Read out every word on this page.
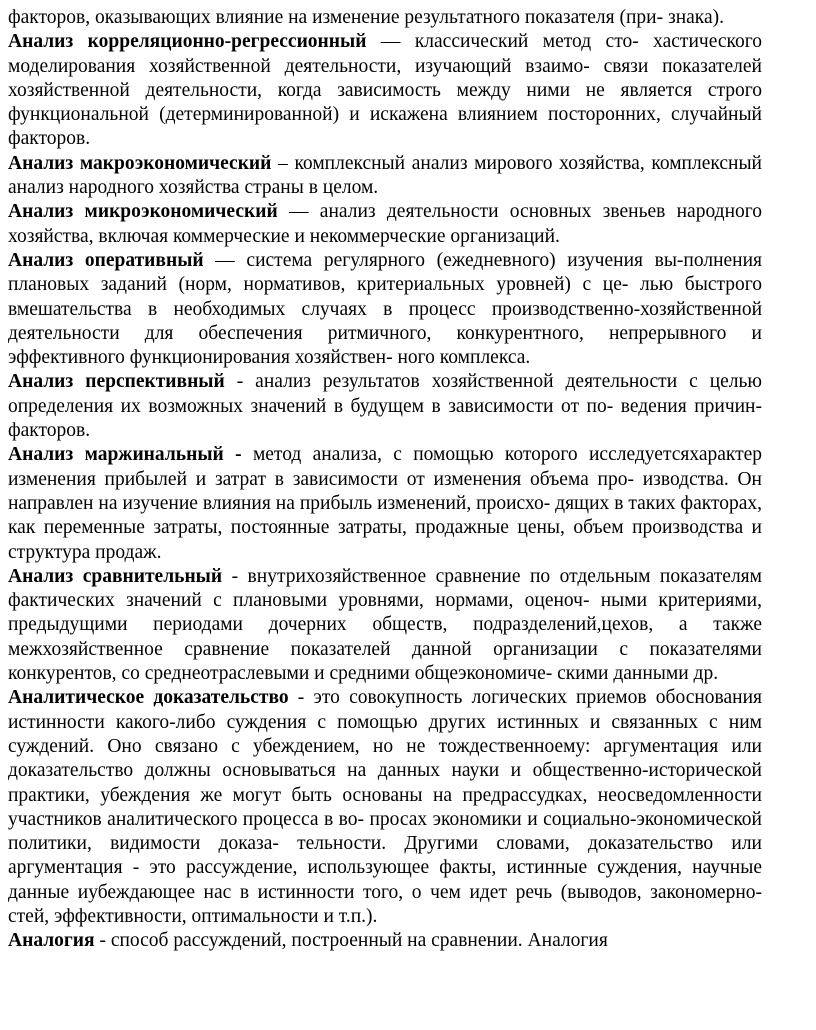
факторов, оказывающих влияние на изменение результатного показателя (при- знака).

Анализ корреляционно-регрессионный — классический метод сто- хастического моделирования хозяйственной деятельности, изучающий взаимо- связи показателей хозяйственной деятельности, когда зависимость между ними не является строго функциональной (детерминированной) и искажена влиянием посторонних, случайный факторов.

Анализ макроэкономический – комплексный анализ мирового хозяйства, комплексный анализ народного хозяйства страны в целом.

Анализ микроэкономический — анализ деятельности основных звеньев народного хозяйства, включая коммерческие и некоммерческие организаций.

Анализ оперативный — система регулярного (ежедневного) изучения вы-полнения плановых заданий (норм, нормативов, критериальных уровней) с це- лью быстрого вмешательства в необходимых случаях в процесс производственно-хозяйственной деятельности для обеспечения ритмичного, конкурентного, непрерывного и эффективного функционирования хозяйствен- ного комплекса.

Анализ перспективный - анализ результатов хозяйственной деятельности с целью определения их возможных значений в будущем в зависимости от по- ведения причин-факторов.

Анализ маржинальный - метод анализа, с помощью которого исследуетсяхарактер изменения прибылей и затрат в зависимости от изменения объема про- изводства. Он направлен на изучение влияния на прибыль изменений, происхо- дящих в таких факторах, как переменные затраты, постоянные затраты, продажные цены, объем производства и структура продаж.

Анализ сравнительный - внутрихозяйственное сравнение по отдельным показателям фактических значений с плановыми уровнями, нормами, оценоч- ными критериями, предыдущими периодами дочерних обществ, подразделений,цехов, а также межхозяйственное сравнение показателей данной организации с показателями конкурентов, со среднеотраслевыми и средними общеэкономиче- скими данными др.

Аналитическое доказательство - это совокупность логических приемов обоснования истинности какого-либо суждения с помощью других истинных и связанных с ним суждений. Оно связано с убеждением, но не тождественноему: аргументация или доказательство должны основываться на данных науки и общественно-исторической практики, убеждения же могут быть основаны на предрассудках, неосведомленности участников аналитического процесса в во- просах экономики и социально-экономической политики, видимости доказа- тельности. Другими словами, доказательство или аргументация - это рассуждение, использующее факты, истинные суждения, научные данные иубеждающее нас в истинности того, о чем идет речь (выводов, закономерно- стей, эффективности, оптимальности и т.п.).

Аналогия - способ рассуждений, построенный на сравнении. Аналогия
